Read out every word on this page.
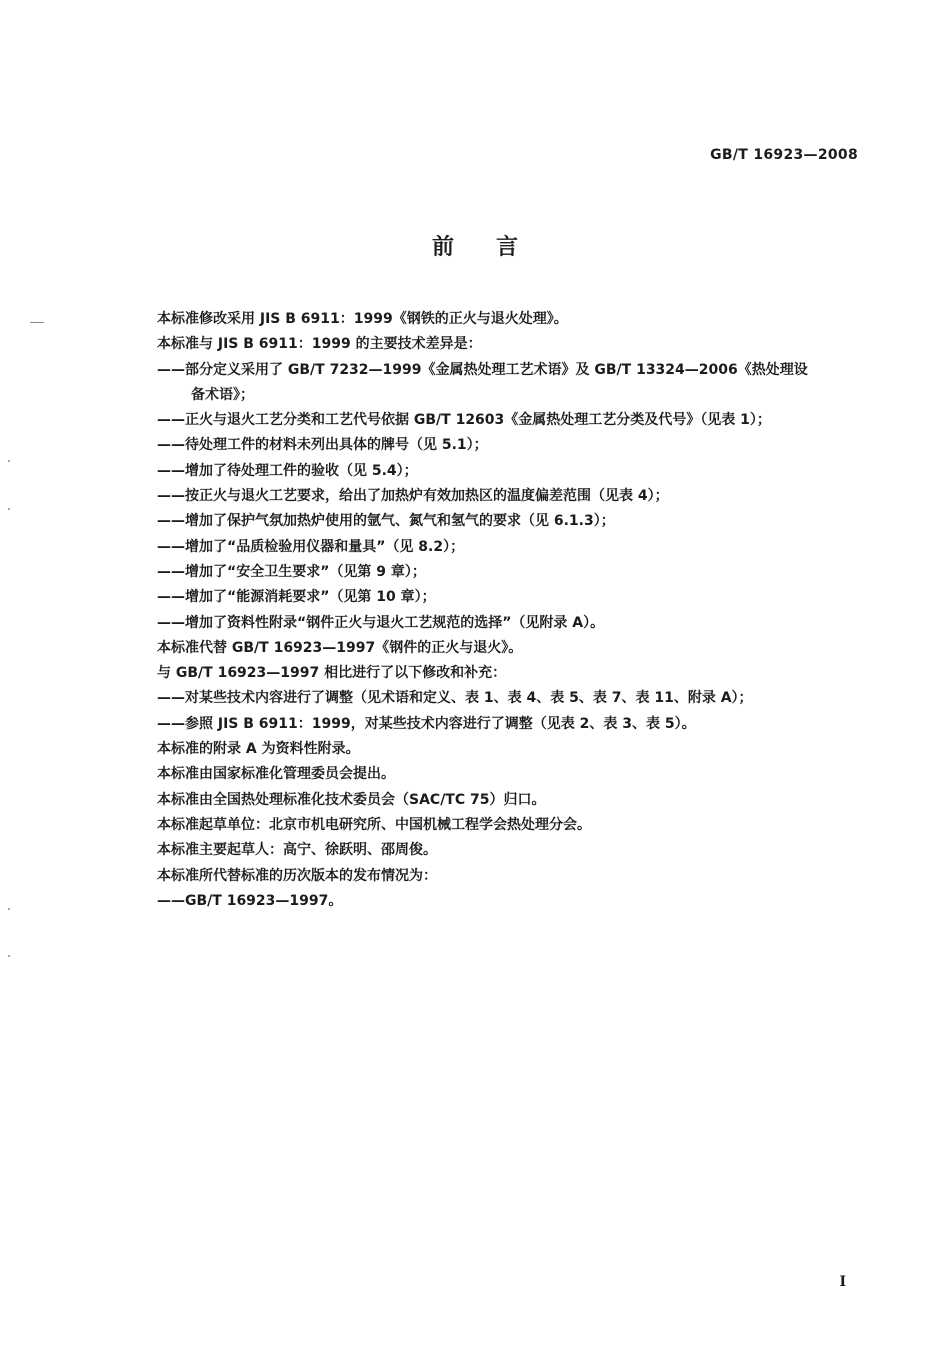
GB/T 16923—2008
前言
本标准修改采用 JIS B 6911：1999《钢铁的正火与退火处理》。
本标准与 JIS B 6911：1999 的主要技术差异是：
——部分定义采用了 GB/T 7232—1999《金属热处理工艺术语》及 GB/T 13324—2006《热处理设
备术语》；
——正火与退火工艺分类和工艺代号依据 GB/T 12603《金属热处理工艺分类及代号》（见表 1）；
——待处理工件的材料未列出具体的牌号（见 5.1）；
——增加了待处理工件的验收（见 5.4）；
——按正火与退火工艺要求，给出了加热炉有效加热区的温度偏差范围（见表 4）；
——增加了保护气氛加热炉使用的氩气、氮气和氢气的要求（见 6.1.3）；
——增加了“品质检验用仪器和量具”（见 8.2）；
——增加了“安全卫生要求”（见第 9 章）；
——增加了“能源消耗要求”（见第 10 章）；
——增加了资料性附录“钢件正火与退火工艺规范的选择”（见附录 A）。
本标准代替 GB/T 16923—1997《钢件的正火与退火》。
与 GB/T 16923—1997 相比进行了以下修改和补充：
——对某些技术内容进行了调整（见术语和定义、表 1、表 4、表 5、表 7、表 11、附录 A）；
——参照 JIS B 6911：1999，对某些技术内容进行了调整（见表 2、表 3、表 5）。
本标准的附录 A 为资料性附录。
本标准由国家标准化管理委员会提出。
本标准由全国热处理标准化技术委员会（SAC/TC 75）归口。
本标准起草单位：北京市机电研究所、中国机械工程学会热处理分会。
本标准主要起草人：高宁、徐跃明、邵周俊。
本标准所代替标准的历次版本的发布情况为：
——GB/T 16923—1997。
I
